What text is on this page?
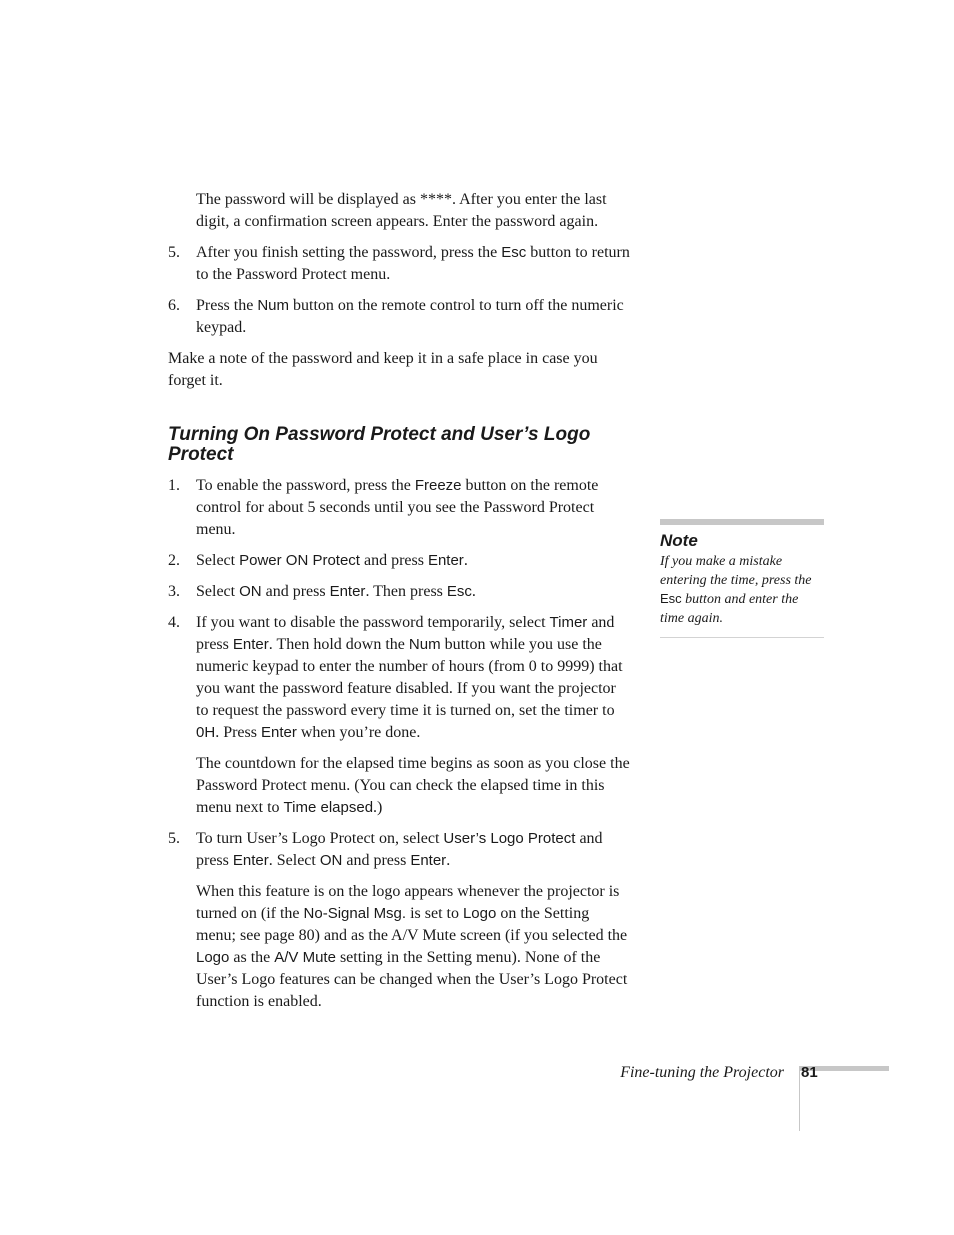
The password will be displayed as ****. After you enter the last digit, a confirmation screen appears. Enter the password again.

5. After you finish setting the password, press the Esc button to return to the Password Protect menu.
6. Press the Num button on the remote control to turn off the numeric keypad.

Make a note of the password and keep it in a safe place in case you forget it.

Turning On Password Protect and User’s Logo Protect
1. To enable the password, press the Freeze button on the remote control for about 5 seconds until you see the Password Protect menu.
2. Select Power ON Protect and press Enter.
3. Select ON and press Enter. Then press Esc.
4. If you want to disable the password temporarily, select Timer and press Enter. Then hold down the Num button while you use the numeric keypad to enter the number of hours (from 0 to 9999) that you want the password feature disabled. If you want the projector to request the password every time it is turned on, set the timer to 0H. Press Enter when you’re done.

The countdown for the elapsed time begins as soon as you close the Password Protect menu. (You can check the elapsed time in this menu next to Time elapsed.)

5. To turn User’s Logo Protect on, select User’s Logo Protect and press Enter. Select ON and press Enter.

When this feature is on the logo appears whenever the projector is turned on (if the No-Signal Msg. is set to Logo on the Setting menu; see page 80) and as the A/V Mute screen (if you selected the Logo as the A/V Mute setting in the Setting menu). None of the User’s Logo features can be changed when the User’s Logo Protect function is enabled.

Note
If you make a mistake entering the time, press the Esc button and enter the time again.
Fine-tuning the Projector 81
